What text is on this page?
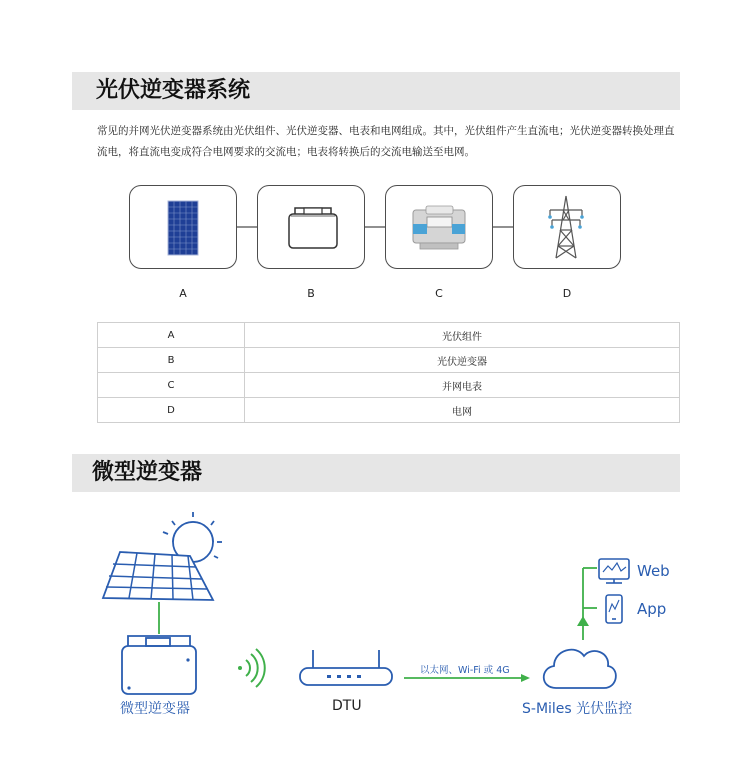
光伏逆变器系统
常见的并网光伏逆变器系统由光伏组件、光伏逆变器、电表和电网组成。其中，光伏组件产生直流电；光伏逆变器转换处理直流电，将直流电变成符合电网要求的交流电；电表将转换后的交流电输送至电网。
A	B	C	D
A	光伏组件
B	光伏逆变器
C	并网电表
D	电网
微型逆变器
微型逆变器	DTU
以太网、Wi-Fi 或 4G
S-Miles 光伏监控
Web
App
